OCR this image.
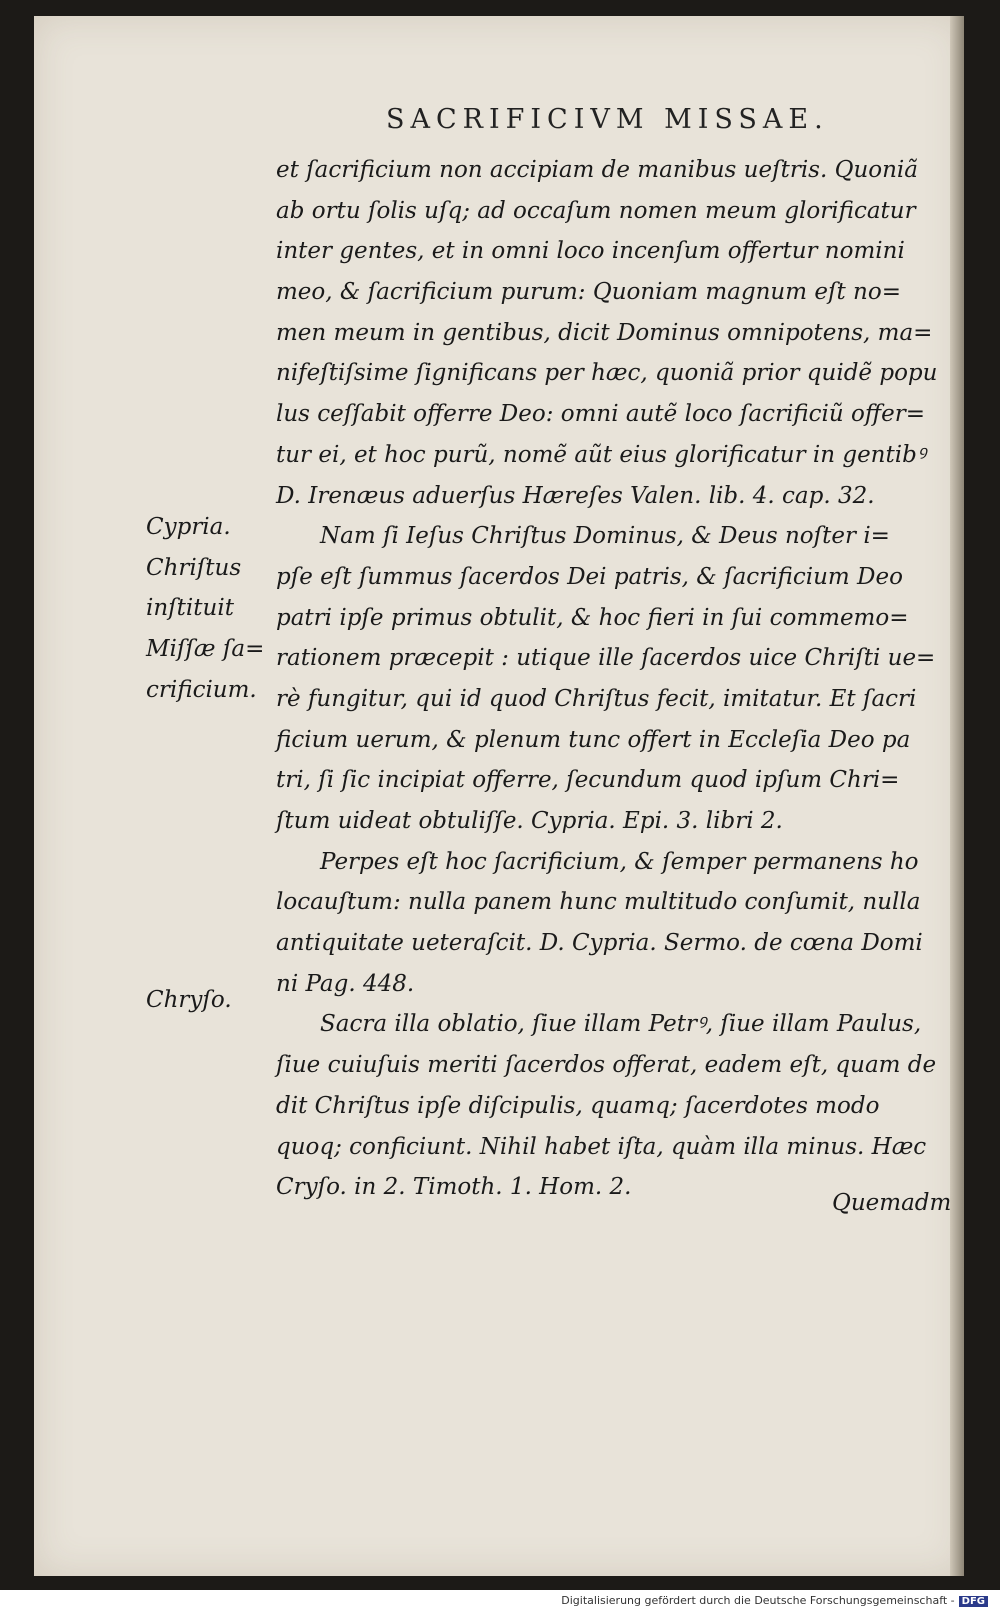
SACRIFICIVM MISSAE.
et ſacrificium non accipiam de manibus ueſtris. Quoniã
ab ortu ſolis uſq; ad occaſum nomen meum glorificatur
inter gentes, et in omni loco incenſum offertur nomini
meo, & ſacrificium purum: Quoniam magnum eſt no=
men meum in gentibus, dicit Dominus omnipotens, ma=
nifeſtiſsime ſignificans per hæc, quoniã prior quidẽ popu
lus ceſſabit offerre Deo: omni autẽ loco ſacrificiũ offer=
tur ei, et hoc purũ, nomẽ aũt eius glorificatur in gentibꝰ
D. Irenæus aduerſus Hæreſes Valen. lib. 4. cap. 32.
Nam ſi Ieſus Chriſtus Dominus, & Deus noſter i=
pſe eſt ſummus ſacerdos Dei patris, & ſacrificium Deo
patri ipſe primus obtulit, & hoc fieri in ſui commemo=
rationem præcepit : utique ille ſacerdos uice Chriſti ue=
rè fungitur, qui id quod Chriſtus fecit, imitatur. Et ſacri
ficium uerum, & plenum tunc offert in Eccleſia Deo pa
tri, ſi ſic incipiat offerre, ſecundum quod ipſum Chri=
ſtum uideat obtuliſſe. Cypria. Epi. 3. libri 2.
Perpes eſt hoc ſacrificium, & ſemper permanens ho
locauſtum: nulla panem hunc multitudo conſumit, nulla
antiquitate ueteraſcit. D. Cypria. Sermo. de cœna Domi
ni Pag. 448.
Sacra illa oblatio, ſiue illam Petrꝰ, ſiue illam Paulus,
ſiue cuiuſuis meriti ſacerdos offerat, eadem eſt, quam de
dit Chriſtus ipſe diſcipulis, quamq; ſacerdotes modo
quoq; conficiunt. Nihil habet iſta, quàm illa minus. Hæc
Cryſo. in 2. Timoth. 1. Hom. 2.
Cypria.
Chriſtus
inſtituit
Miſſæ ſa=
crificium.
Chryſo.
Quemadm
Digitalisierung gefördert durch die Deutsche Forschungsgemeinschaft - DFG
